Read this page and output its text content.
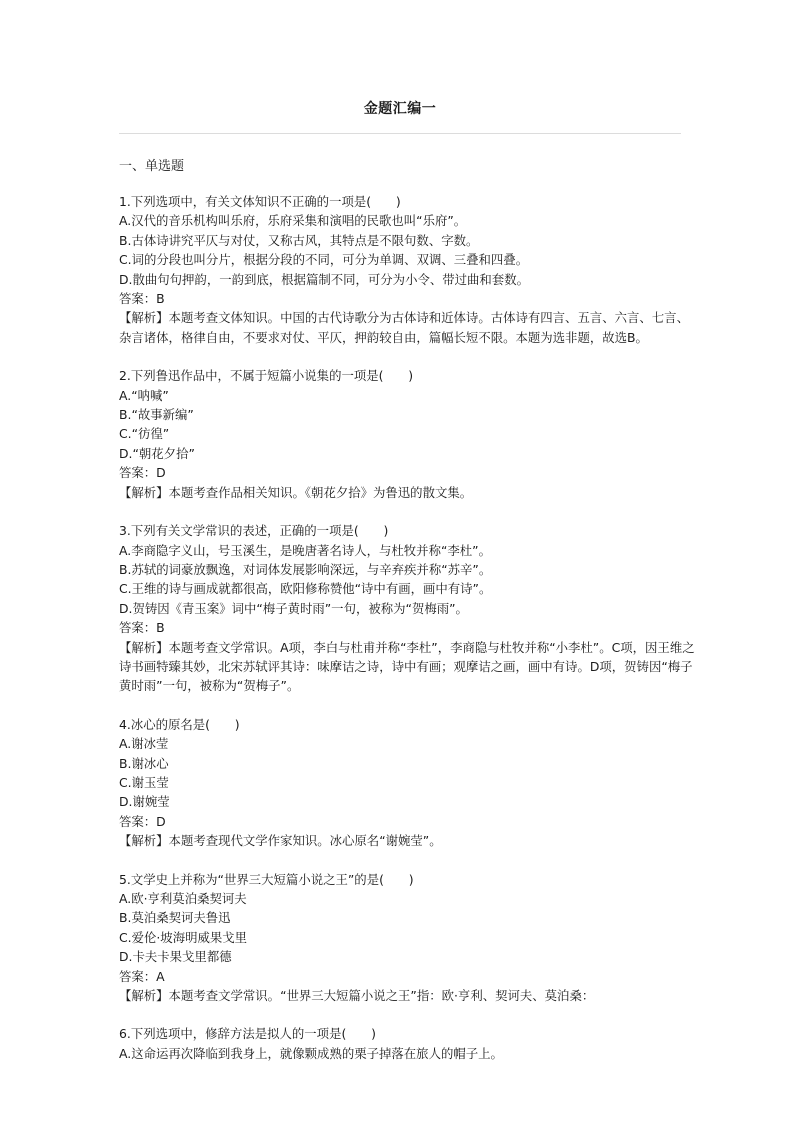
金题汇编一
一、单选题
1.下列选项中，有关文体知识不正确的一项是(　　)
A.汉代的音乐机构叫乐府，乐府采集和演唱的民歌也叫“乐府”。
B.古体诗讲究平仄与对仗，又称古风，其特点是不限句数、字数。
C.词的分段也叫分片，根据分段的不同，可分为单调、双调、三叠和四叠。
D.散曲句句押韵，一韵到底，根据篇制不同，可分为小令、带过曲和套数。
答案：B
【解析】本题考查文体知识。中国的古代诗歌分为古体诗和近体诗。古体诗有四言、五言、六言、七言、杂言诸体，格律自由，不要求对仗、平仄，押韵较自由，篇幅长短不限。本题为选非题，故选B。
2.下列鲁迅作品中，不属于短篇小说集的一项是(　　)
A.“呐喊”
B.“故事新编”
C.“彷徨”
D.“朝花夕拾”
答案：D
【解析】本题考查作品相关知识。《朝花夕拾》为鲁迅的散文集。
3.下列有关文学常识的表述，正确的一项是(　　)
A.李商隐字义山，号玉溪生，是晚唐著名诗人，与杜牧并称“李杜”。
B.苏轼的词豪放飘逸，对词体发展影响深远，与辛弃疾并称“苏辛”。
C.王维的诗与画成就都很高，欧阳修称赞他“诗中有画，画中有诗”。
D.贺铸因《青玉案》词中“梅子黄时雨”一句，被称为“贺梅雨”。
答案：B
【解析】本题考查文学常识。A项，李白与杜甫并称“李杜”，李商隐与杜牧并称“小李杜”。C项，因王维之诗书画特臻其妙，北宋苏轼评其诗：味摩诘之诗，诗中有画；观摩诘之画，画中有诗。D项，贺铸因“梅子黄时雨”一句，被称为“贺梅子”。
4.冰心的原名是(　　)
A.谢冰莹
B.谢冰心
C.谢玉莹
D.谢婉莹
答案：D
【解析】本题考查现代文学作家知识。冰心原名“谢婉莹”。
5.文学史上并称为“世界三大短篇小说之王”的是(　　)
A.欧·亨利莫泊桑契诃夫
B.莫泊桑契诃夫鲁迅
C.爱伦·坡海明威果戈里
D.卡夫卡果戈里都德
答案：A
【解析】本题考查文学常识。“世界三大短篇小说之王”指：欧·亨利、契诃夫、莫泊桑：
6.下列选项中，修辞方法是拟人的一项是(　　)
A.这命运再次降临到我身上，就像颗成熟的栗子掉落在旅人的帽子上。
